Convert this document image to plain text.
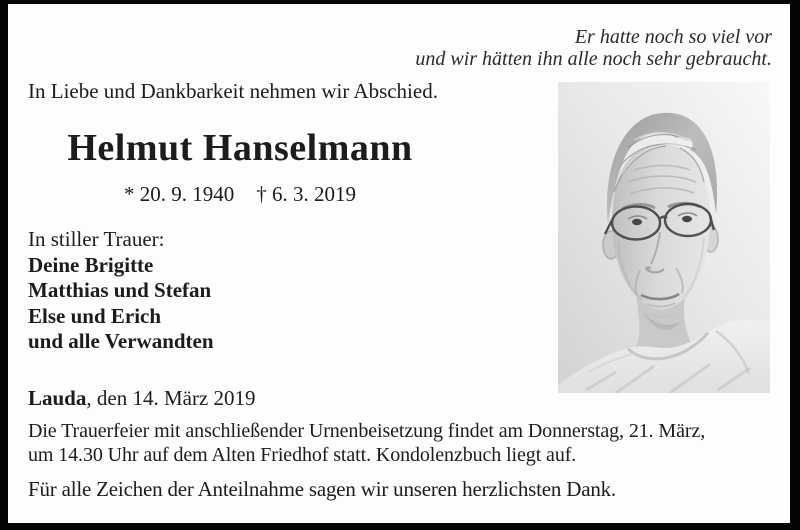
Er hatte noch so viel vor
und wir hätten ihn alle noch sehr gebraucht.
In Liebe und Dankbarkeit nehmen wir Abschied.
Helmut Hanselmann
* 20. 9. 1940 † 6. 3. 2019
In stiller Trauer:
Deine Brigitte
Matthias und Stefan
Else und Erich
und alle Verwandten
Lauda, den 14. März 2019
Die Trauerfeier mit anschließender Urnenbeisetzung findet am Donnerstag, 21. März,
um 14.30 Uhr auf dem Alten Friedhof statt. Kondolenzbuch liegt auf.
Für alle Zeichen der Anteilnahme sagen wir unseren herzlichsten Dank.
